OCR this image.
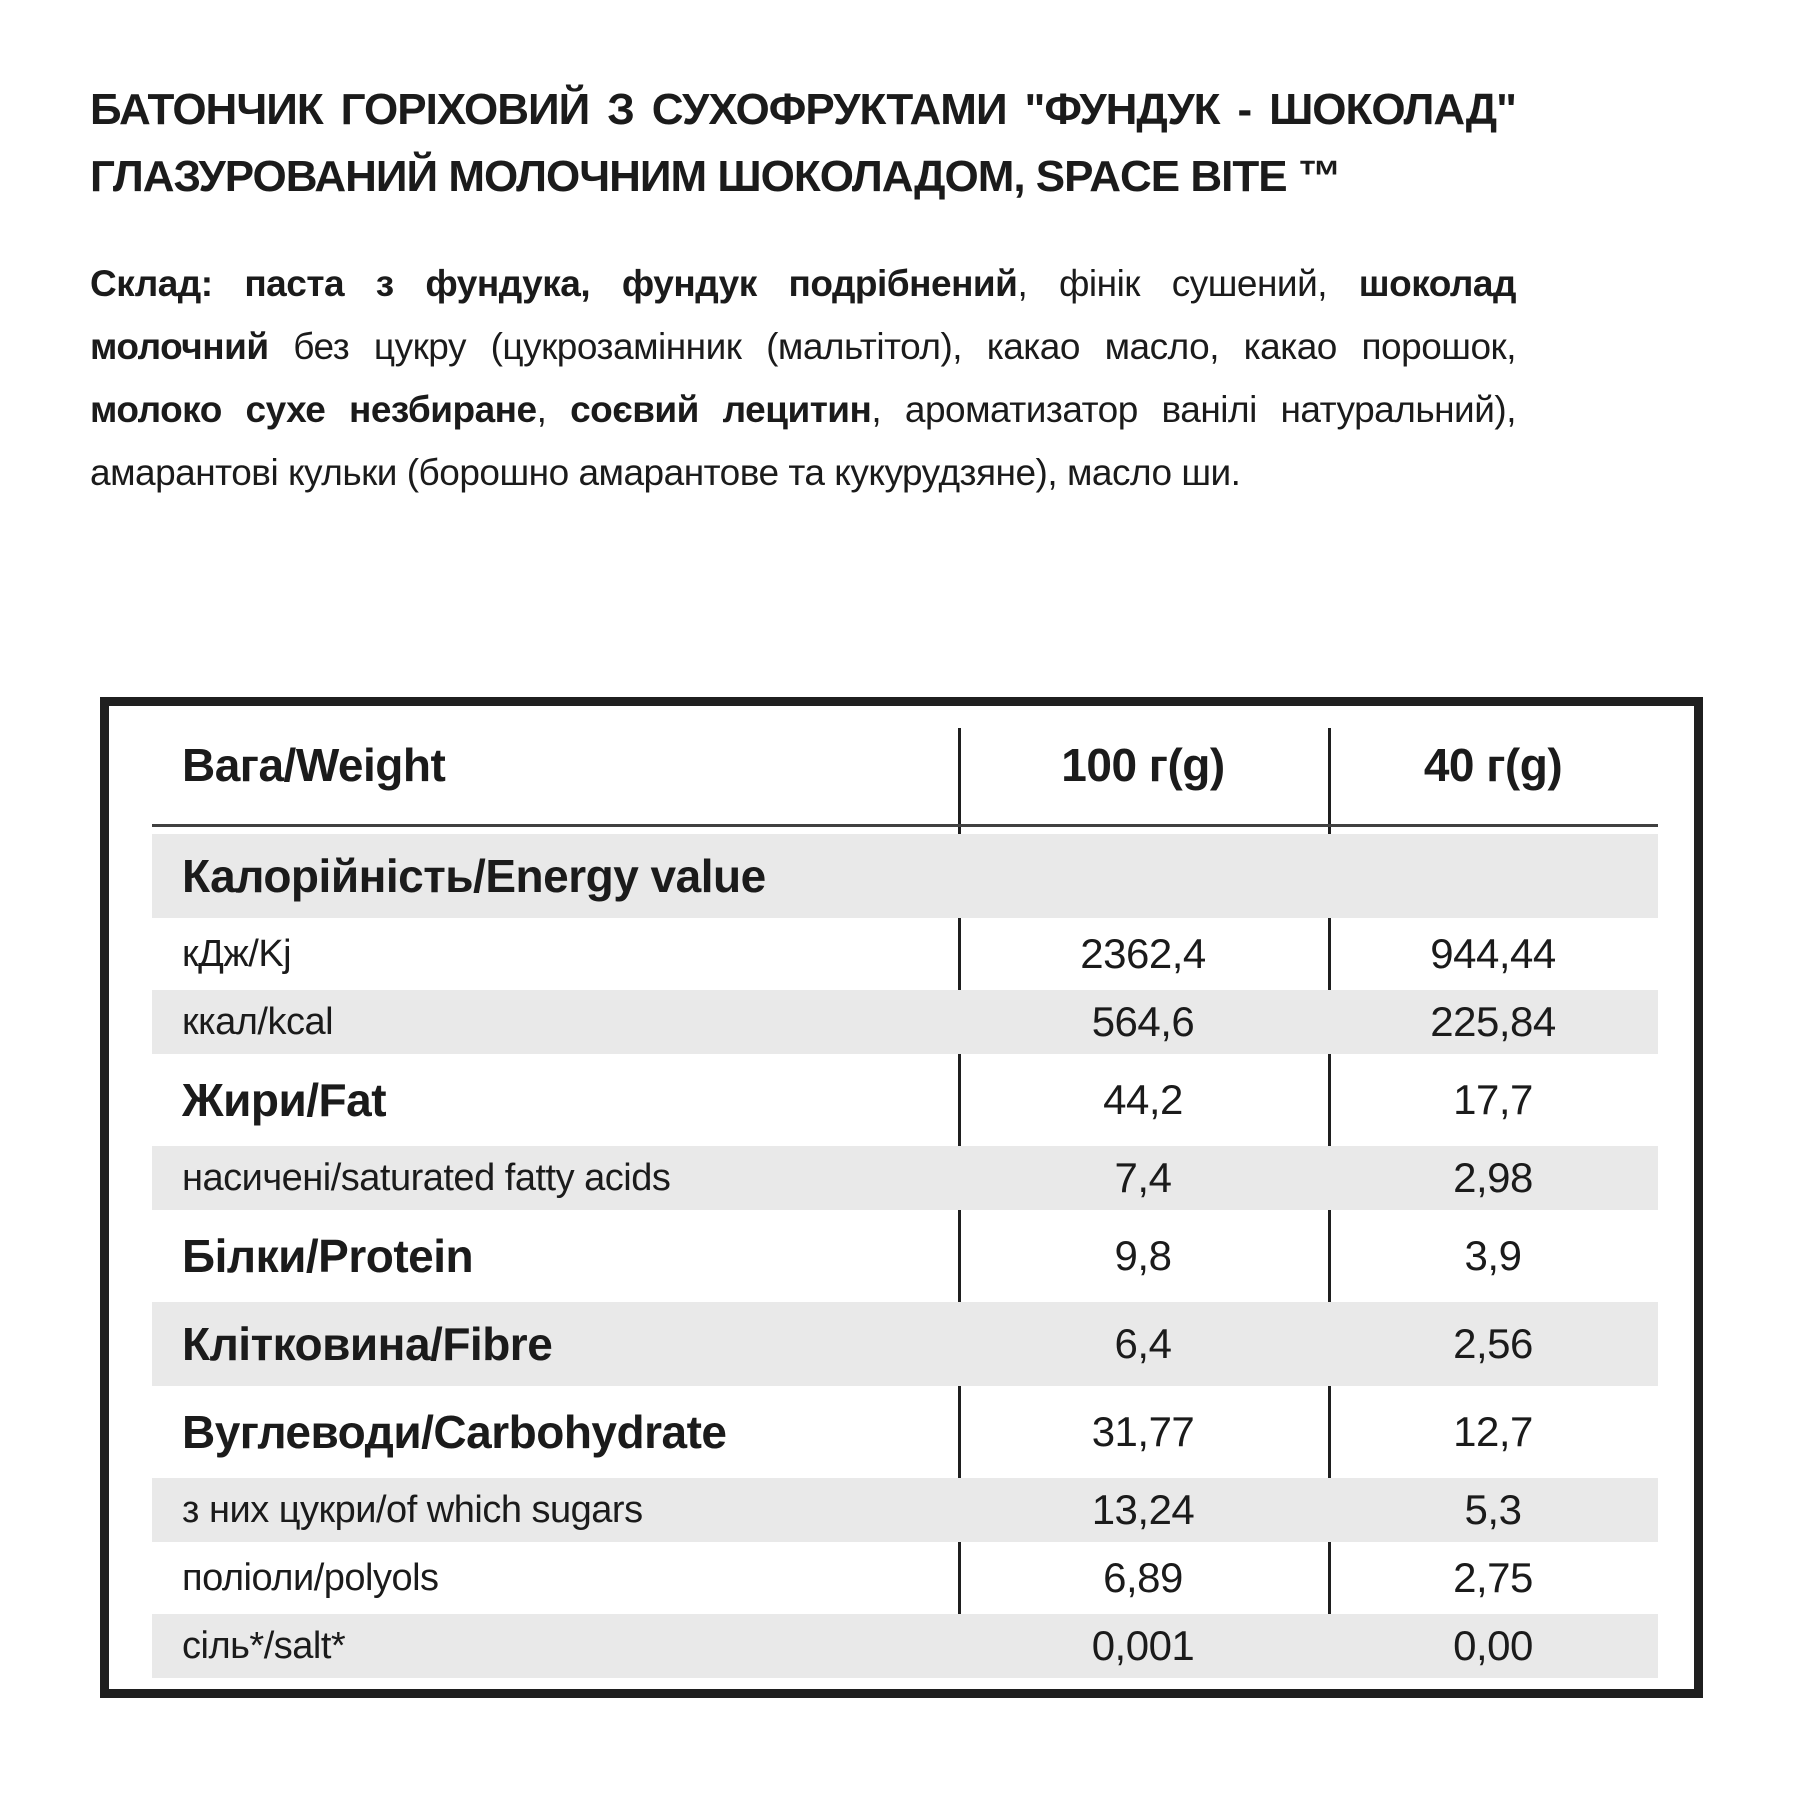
БАТОНЧИК ГОРІХОВИЙ З СУХОФРУКТАМИ "ФУНДУК - ШОКОЛАД"
ГЛАЗУРОВАНИЙ МОЛОЧНИМ ШОКОЛАДОМ, SPACE BITE ™
Склад: паста з фундука, фундук подрібнений, фінік сушений, шоколад
молочний без цукру (цукрозамінник (мальтітол), какао масло, какао порошок,
молоко сухе незбиране, соєвий лецитин, ароматизатор ванілі натуральний),
амарантові кульки (борошно амарантове та кукурудзяне), масло ши.
Вага/Weight	100 г(g)	40 г(g)
Калорійність/Energy value
кДж/Kj	2362,4	944,44
ккал/kcal	564,6	225,84
Жири/Fat	44,2	17,7
насичені/saturated fatty acids	7,4	2,98
Білки/Protein	9,8	3,9
Клітковина/Fibre	6,4	2,56
Вуглеводи/Carbohydrate	31,77	12,7
з них цукри/of which sugars	13,24	5,3
поліоли/polyols	6,89	2,75
сіль*/salt*	0,001	0,00
